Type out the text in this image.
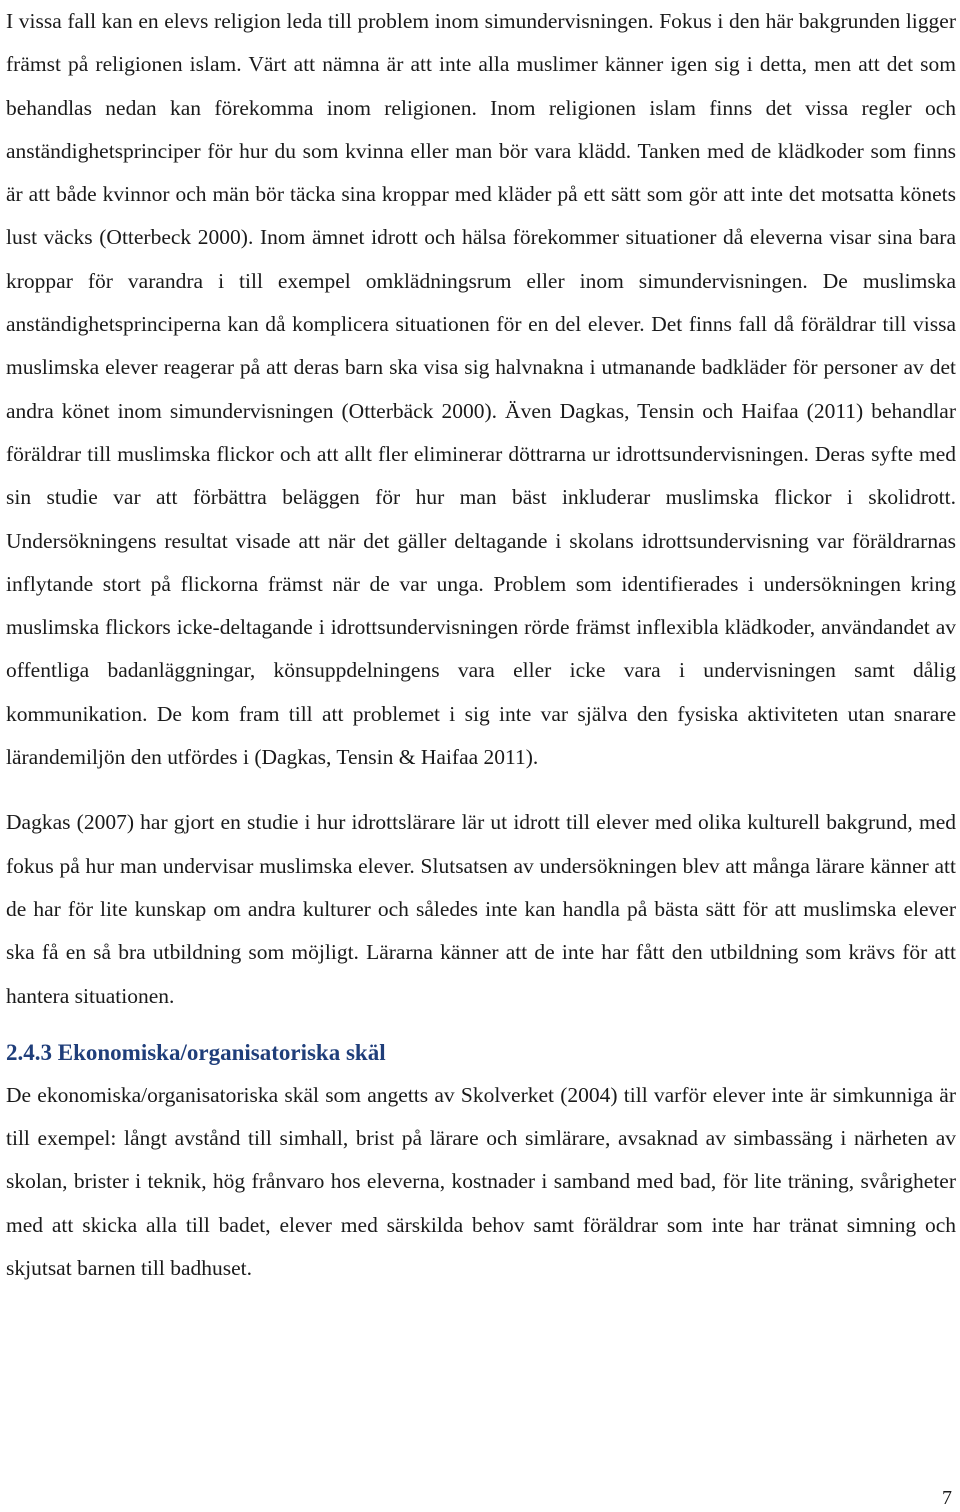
I vissa fall kan en elevs religion leda till problem inom simundervisningen. Fokus i den här bakgrunden ligger främst på religionen islam. Värt att nämna är att inte alla muslimer känner igen sig i detta, men att det som behandlas nedan kan förekomma inom religionen. Inom religionen islam finns det vissa regler och anständighetsprinciper för hur du som kvinna eller man bör vara klädd. Tanken med de klädkoder som finns är att både kvinnor och män bör täcka sina kroppar med kläder på ett sätt som gör att inte det motsatta könets lust väcks (Otterbeck 2000). Inom ämnet idrott och hälsa förekommer situationer då eleverna visar sina bara kroppar för varandra i till exempel omklädningsrum eller inom simundervisningen. De muslimska anständighetsprinciperna kan då komplicera situationen för en del elever. Det finns fall då föräldrar till vissa muslimska elever reagerar på att deras barn ska visa sig halvnakna i utmanande badkläder för personer av det andra könet inom simundervisningen (Otterbäck 2000). Även Dagkas, Tensin och Haifaa (2011) behandlar föräldrar till muslimska flickor och att allt fler eliminerar döttrarna ur idrottsundervisningen. Deras syfte med sin studie var att förbättra beläggen för hur man bäst inkluderar muslimska flickor i skolidrott. Undersökningens resultat visade att när det gäller deltagande i skolans idrottsundervisning var föräldrarnas inflytande stort på flickorna främst när de var unga. Problem som identifierades i undersökningen kring muslimska flickors icke-deltagande i idrottsundervisningen rörde främst inflexibla klädkoder, användandet av offentliga badanläggningar, könsuppdelningens vara eller icke vara i undervisningen samt dålig kommunikation. De kom fram till att problemet i sig inte var själva den fysiska aktiviteten utan snarare lärandemiljön den utfördes i (Dagkas, Tensin & Haifaa 2011).

Dagkas (2007) har gjort en studie i hur idrottslärare lär ut idrott till elever med olika kulturell bakgrund, med fokus på hur man undervisar muslimska elever. Slutsatsen av undersökningen blev att många lärare känner att de har för lite kunskap om andra kulturer och således inte kan handla på bästa sätt för att muslimska elever ska få en så bra utbildning som möjligt. Lärarna känner att de inte har fått den utbildning som krävs för att hantera situationen.

2.4.3 Ekonomiska/organisatoriska skäl

De ekonomiska/organisatoriska skäl som angetts av Skolverket (2004) till varför elever inte är simkunniga är till exempel: långt avstånd till simhall, brist på lärare och simlärare, avsaknad av simbassäng i närheten av skolan, brister i teknik, hög frånvaro hos eleverna, kostnader i samband med bad, för lite träning, svårigheter med att skicka alla till badet, elever med särskilda behov samt föräldrar som inte har tränat simning och skjutsat barnen till badhuset.

7
